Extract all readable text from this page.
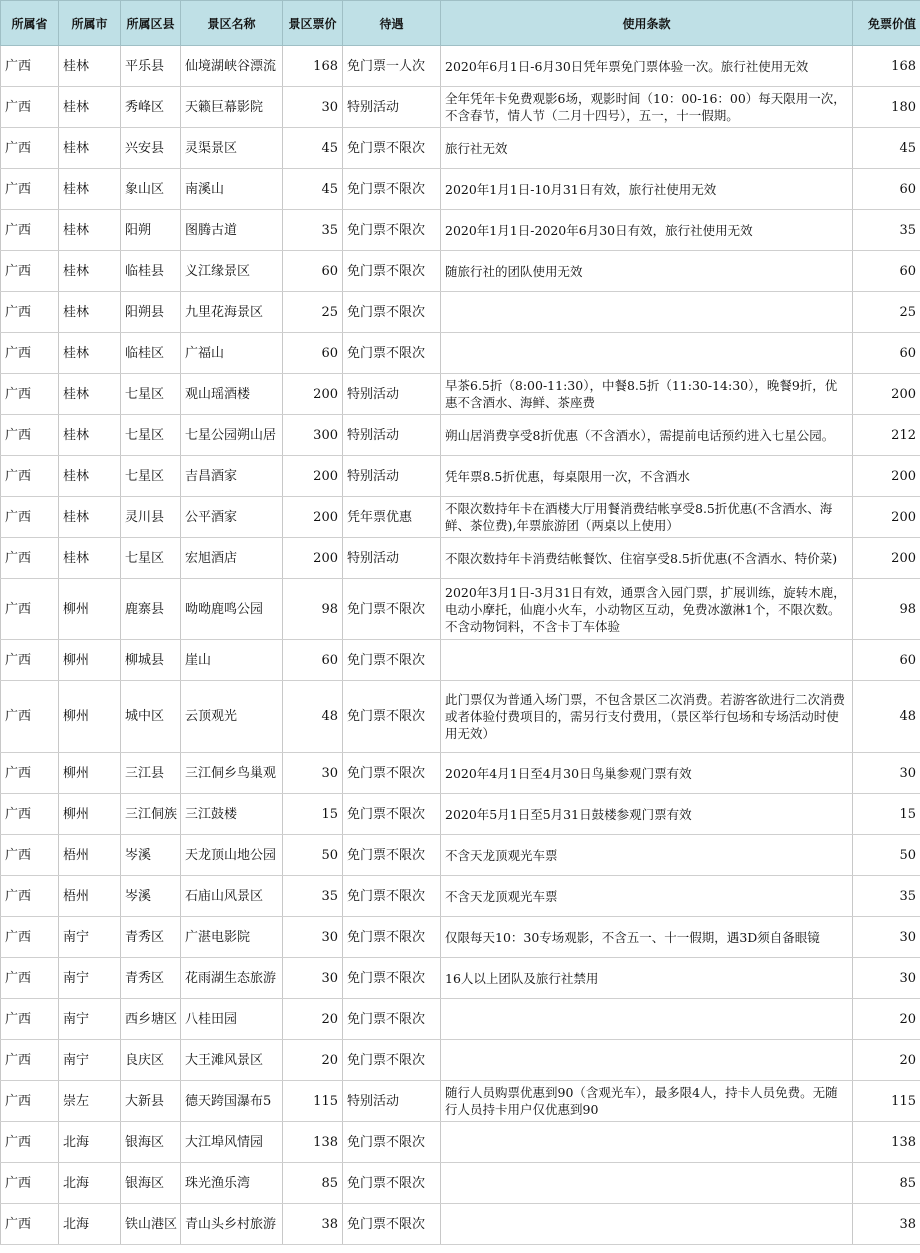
所属省	所属市	所属区县	景区名称	景区票价	待遇	使用条款	免票价值
广西	桂林	平乐县	仙境湖峡谷漂流	168	免门票一人次	2020年6月1日-6月30日凭年票免门票体验一次。旅行社使用无效	168
广西	桂林	秀峰区	天籁巨幕影院	30	特别活动	全年凭年卡免费观影6场，观影时间（10：00-16：00）每天限用一次，不含春节，情人节（二月十四号），五一，十一假期。	180
广西	桂林	兴安县	灵渠景区	45	免门票不限次	旅行社无效	45
广西	桂林	象山区	南溪山	45	免门票不限次	2020年1月1日-10月31日有效，旅行社使用无效	60
广西	桂林	阳朔	图腾古道	35	免门票不限次	2020年1月1日-2020年6月30日有效，旅行社使用无效	35
广西	桂林	临桂县	义江缘景区	60	免门票不限次	随旅行社的团队使用无效	60
广西	桂林	阳朔县	九里花海景区	25	免门票不限次		25
广西	桂林	临桂区	广福山	60	免门票不限次		60
广西	桂林	七星区	观山瑶酒楼	200	特别活动	早茶6.5折（8:00-11:30），中餐8.5折（11:30-14:30），晚餐9折，优惠不含酒水、海鲜、茶座费	200
广西	桂林	七星区	七星公园朔山居	300	特别活动	朔山居消费享受8折优惠（不含酒水），需提前电话预约进入七星公园。	212
广西	桂林	七星区	吉昌酒家	200	特别活动	凭年票8.5折优惠，每桌限用一次，不含酒水	200
广西	桂林	灵川县	公平酒家	200	凭年票优惠	不限次数持年卡在酒楼大厅用餐消费结帐享受8.5折优惠(不含酒水、海鲜、茶位费),年票旅游团（两桌以上使用）	200
广西	桂林	七星区	宏旭酒店	200	特别活动	不限次数持年卡消费结帐餐饮、住宿享受8.5折优惠(不含酒水、特价菜)	200
广西	柳州	鹿寨县	呦呦鹿鸣公园	98	免门票不限次	2020年3月1日-3月31日有效，通票含入园门票，扩展训练，旋转木鹿，电动小摩托，仙鹿小火车，小动物区互动，免费冰激淋1个，不限次数。不含动物饲料，不含卡丁车体验	98
广西	柳州	柳城县	崖山	60	免门票不限次		60
广西	柳州	城中区	云顶观光	48	免门票不限次	此门票仅为普通入场门票，不包含景区二次消费。若游客欲进行二次消费或者体验付费项目的，需另行支付费用，（景区举行包场和专场活动时使用无效）	48
广西	柳州	三江县	三江侗乡鸟巢观	30	免门票不限次	2020年4月1日至4月30日鸟巢参观门票有效	30
广西	柳州	三江侗族	三江鼓楼	15	免门票不限次	2020年5月1日至5月31日鼓楼参观门票有效	15
广西	梧州	岑溪	天龙顶山地公园	50	免门票不限次	不含天龙顶观光车票	50
广西	梧州	岑溪	石庙山风景区	35	免门票不限次	不含天龙顶观光车票	35
广西	南宁	青秀区	广湛电影院	30	免门票不限次	仅限每天10：30专场观影，不含五一、十一假期，遇3D须自备眼镜	30
广西	南宁	青秀区	花雨湖生态旅游	30	免门票不限次	16人以上团队及旅行社禁用	30
广西	南宁	西乡塘区	八桂田园	20	免门票不限次		20
广西	南宁	良庆区	大王滩风景区	20	免门票不限次		20
广西	崇左	大新县	德天跨国瀑布5	115	特别活动	随行人员购票优惠到90（含观光车），最多限4人，持卡人员免费。无随行人员持卡用户仅优惠到90	115
广西	北海	银海区	大江埠风情园	138	免门票不限次		138
广西	北海	银海区	珠光渔乐湾	85	免门票不限次		85
广西	北海	铁山港区	青山头乡村旅游	38	免门票不限次		38
